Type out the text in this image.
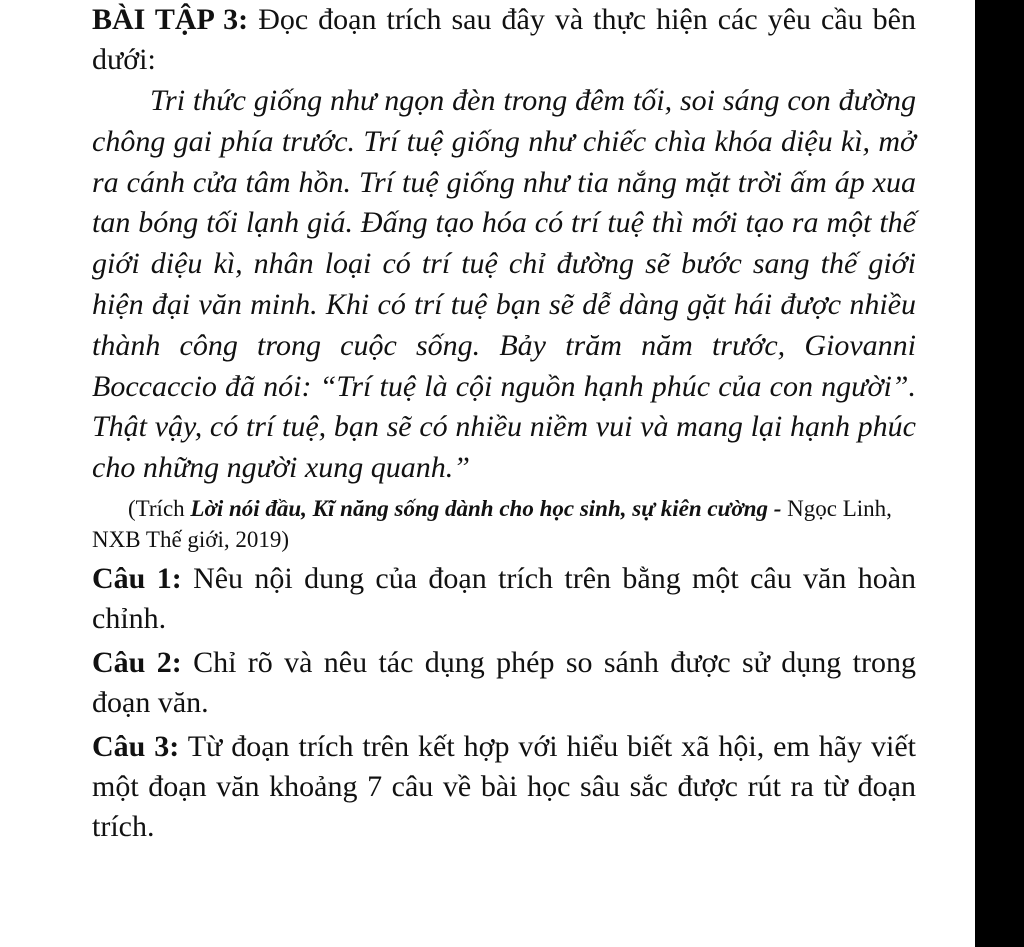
BÀI TẬP 3: Đọc đoạn trích sau đây và thực hiện các yêu cầu bên dưới:

Tri thức giống như ngọn đèn trong đêm tối, soi sáng con đường chông gai phía trước. Trí tuệ giống như chiếc chìa khóa diệu kì, mở ra cánh cửa tâm hồn. Trí tuệ giống như tia nắng mặt trời ấm áp xua tan bóng tối lạnh giá. Đấng tạo hóa có trí tuệ thì mới tạo ra một thế giới diệu kì, nhân loại có trí tuệ chỉ đường sẽ bước sang thế giới hiện đại văn minh. Khi có trí tuệ bạn sẽ dễ dàng gặt hái được nhiều thành công trong cuộc sống. Bảy trăm năm trước, Giovanni Boccaccio đã nói: “Trí tuệ là cội nguồn hạnh phúc của con người”. Thật vậy, có trí tuệ, bạn sẽ có nhiều niềm vui và mang lại hạnh phúc cho những người xung quanh.”

(Trích Lời nói đầu, Kĩ năng sống dành cho học sinh, sự kiên cường - Ngọc Linh, NXB Thế giới, 2019)

Câu 1: Nêu nội dung của đoạn trích trên bằng một câu văn hoàn chỉnh.

Câu 2: Chỉ rõ và nêu tác dụng phép so sánh được sử dụng trong đoạn văn.

Câu 3: Từ đoạn trích trên kết hợp với hiểu biết xã hội, em hãy viết một đoạn văn khoảng 7 câu về bài học sâu sắc được rút ra từ đoạn trích.
